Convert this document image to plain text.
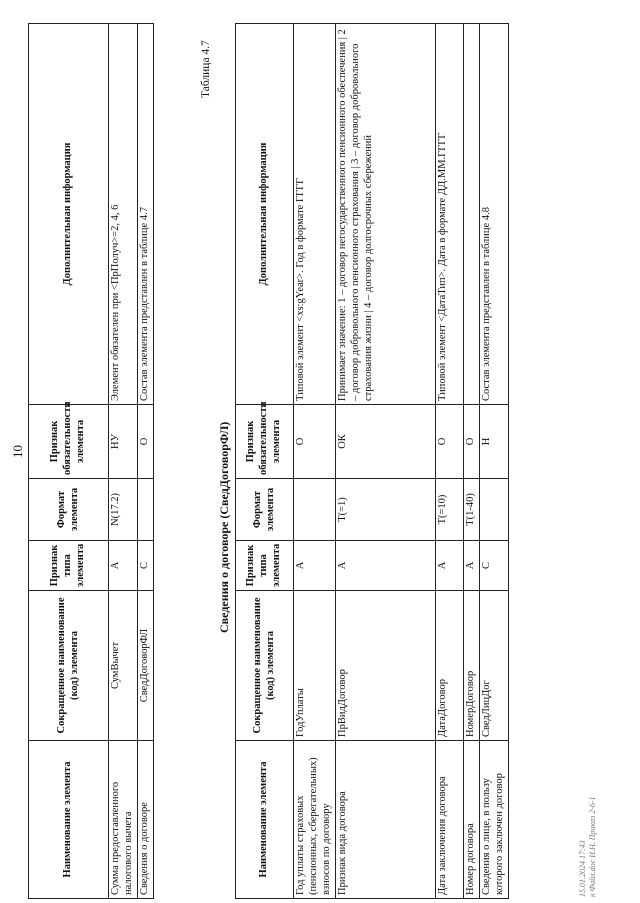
10
Наименование элемента	Сокращенное наименование (код) элемента	Признак типа элемента	Формат элемента	Признак обязательности элемента	Дополнительная информация
Сумма предоставленного налогового вычета	СумВычет	А	N(17.2)	НУ	Элемент обязателен при <ПрПолуч>=2, 4, 6
Сведения о договоре	СведДоговорФЛ	С		О	Состав элемента представлен в таблице 4.7
Таблица 4.7
Сведения о договоре (СведДоговорФЛ)
Наименование элемента	Сокращенное наименование (код) элемента	Признак типа элемента	Формат элемента	Признак обязательности элемента	Дополнительная информация
Год уплаты страховых (пенсионных, сберегательных) взносов по договору	ГодУплаты	А		О	Типовой элемент <xs:gYear>. Год в формате ГГГГ
Признак вида договора	ПрВидДоговор	А	Т(=1)	ОК	Принимает значение: 1 – договор негосударственного пенсионного обеспечения | 2 – договор добровольного пенсионного страхования | 3 – договор добровольного страхования жизни | 4 – договор долгосрочных сбережений
Дата заключения договора	ДатаДоговор	А	Т(=10)	О	Типовой элемент <ДатаТип>. Дата в формате ДД.ММ.ГГГГ
Номер договора	НомерДоговор	А	Т(1-40)	О	
Сведения о лице, в пользу которого заключен договор	СведЛицДог	С		Н	Состав элемента представлен в таблице 4.8
15.01.2024 17:43 к Файл.doc И.Н. Приказ 2-6-1
